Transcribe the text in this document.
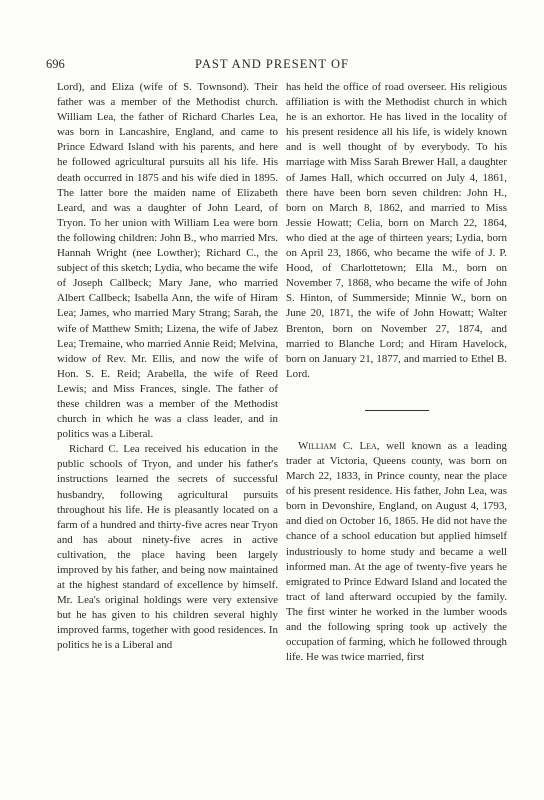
696	PAST AND PRESENT OF

Lord), and Eliza (wife of S. Townsond). Their father was a member of the Methodist church. William Lea, the father of Richard Charles Lea, was born in Lancashire, England, and came to Prince Edward Island with his parents, and here he followed agricultural pursuits all his life. His death occurred in 1875 and his wife died in 1895. The latter bore the maiden name of Elizabeth Leard, and was a daughter of John Leard, of Tryon. To her union with William Lea were born the following children: John B., who married Mrs. Hannah Wright (nee Lowther); Richard C., the subject of this sketch; Lydia, who became the wife of Joseph Callbeck; Mary Jane, who married Albert Callbeck; Isabella Ann, the wife of Hiram Lea; James, who married Mary Strang; Sarah, the wife of Matthew Smith; Lizena, the wife of Jabez Lea; Tremaine, who married Annie Reid; Melvina, widow of Rev. Mr. Ellis, and now the wife of Hon. S. E. Reid; Arabella, the wife of Reed Lewis; and Miss Frances, single. The father of these children was a member of the Methodist church in which he was a class leader, and in politics was a Liberal.

Richard C. Lea received his education in the public schools of Tryon, and under his father's instructions learned the secrets of successful husbandry, following agricultural pursuits throughout his life. He is pleasantly located on a farm of a hundred and thirty-five acres near Tryon and has about ninety-five acres in active cultivation, the place having been largely improved by his father, and being now maintained at the highest standard of excellence by himself. Mr. Lea's original holdings were very extensive but he has given to his children several highly improved farms, together with good residences. In politics he is a Liberal and

has held the office of road overseer. His religious affiliation is with the Methodist church in which he is an exhortor. He has lived in the locality of his present residence all his life, is widely known and is well thought of by everybody. To his marriage with Miss Sarah Brewer Hall, a daughter of James Hall, which occurred on July 4, 1861, there have been born seven children: John H., born on March 8, 1862, and married to Miss Jessie Howatt; Celia, born on March 22, 1864, who died at the age of thirteen years; Lydia, born on April 23, 1866, who became the wife of J. P. Hood, of Charlottetown; Ella M., born on November 7, 1868, who became the wife of John S. Hinton, of Summerside; Minnie W., born on June 20, 1871, the wife of John Howatt; Walter Brenton, born on November 27, 1874, and married to Blanche Lord; and Hiram Havelock, born on January 21, 1877, and married to Ethel B. Lord.

William C. Lea, well known as a leading trader at Victoria, Queens county, was born on March 22, 1833, in Prince county, near the place of his present residence. His father, John Lea, was born in Devonshire, England, on August 4, 1793, and died on October 16, 1865. He did not have the chance of a school education but applied himself industriously to home study and became a well informed man. At the age of twenty-five years he emigrated to Prince Edward Island and located the tract of land afterward occupied by the family. The first winter he worked in the lumber woods and the following spring took up actively the occupation of farming, which he followed through life. He was twice married, first
